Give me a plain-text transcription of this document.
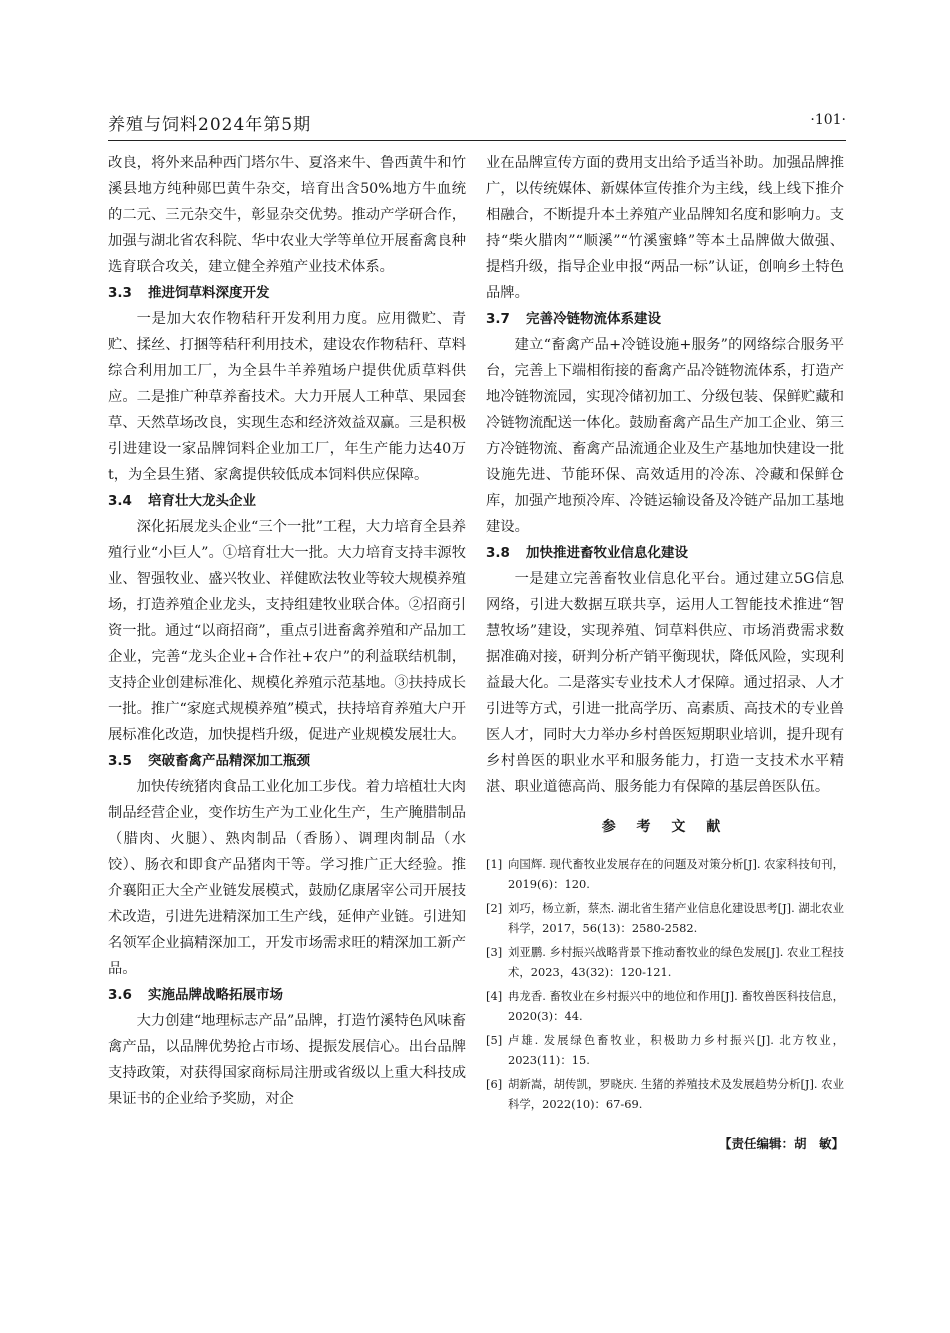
养殖与饲料2024年第5期	·101·

改良，将外来品种西门塔尔牛、夏洛来牛、鲁西黄牛和竹溪县地方纯种郧巴黄牛杂交，培育出含50%地方牛血统的二元、三元杂交牛，彰显杂交优势。推动产学研合作，加强与湖北省农科院、华中农业大学等单位开展畜禽良种选育联合攻关，建立健全养殖产业技术体系。

3.3 推进饲草料深度开发

一是加大农作物秸秆开发利用力度。应用微贮、青贮、揉丝、打捆等秸秆利用技术，建设农作物秸秆、草料综合利用加工厂，为全县牛羊养殖场户提供优质草料供应。二是推广种草养畜技术。大力开展人工种草、果园套草、天然草场改良，实现生态和经济效益双赢。三是积极引进建设一家品牌饲料企业加工厂，年生产能力达40万t，为全县生猪、家禽提供较低成本饲料供应保障。

3.4 培育壮大龙头企业

深化拓展龙头企业“三个一批”工程，大力培育全县养殖行业“小巨人”。①培育壮大一批。大力培育支持丰源牧业、智强牧业、盛兴牧业、祥健欧法牧业等较大规模养殖场，打造养殖企业龙头，支持组建牧业联合体。②招商引资一批。通过“以商招商”，重点引进畜禽养殖和产品加工企业，完善“龙头企业+合作社+农户”的利益联结机制，支持企业创建标准化、规模化养殖示范基地。③扶持成长一批。推广“家庭式规模养殖”模式，扶持培育养殖大户开展标准化改造，加快提档升级，促进产业规模发展壮大。

3.5 突破畜禽产品精深加工瓶颈

加快传统猪肉食品工业化加工步伐。着力培植壮大肉制品经营企业，变作坊生产为工业化生产，生产腌腊制品（腊肉、火腿）、熟肉制品（香肠）、调理肉制品（水饺）、肠衣和即食产品猪肉干等。学习推广正大经验。推介襄阳正大全产业链发展模式，鼓励亿康屠宰公司开展技术改造，引进先进精深加工生产线，延伸产业链。引进知名领军企业搞精深加工，开发市场需求旺的精深加工新产品。

3.6 实施品牌战略拓展市场

大力创建“地理标志产品”品牌，打造竹溪特色风味畜禽产品，以品牌优势抢占市场、提振发展信心。出台品牌支持政策，对获得国家商标局注册或省级以上重大科技成果证书的企业给予奖励，对企

业在品牌宣传方面的费用支出给予适当补助。加强品牌推广，以传统媒体、新媒体宣传推介为主线，线上线下推介相融合，不断提升本土养殖产业品牌知名度和影响力。支持“柴火腊肉”“顺溪”“竹溪蜜蜂”等本土品牌做大做强、提档升级，指导企业申报“两品一标”认证，创响乡土特色品牌。

3.7 完善冷链物流体系建设

建立“畜禽产品+冷链设施+服务”的网络综合服务平台，完善上下端相衔接的畜禽产品冷链物流体系，打造产地冷链物流园，实现冷储初加工、分级包装、保鲜贮藏和冷链物流配送一体化。鼓励畜禽产品生产加工企业、第三方冷链物流、畜禽产品流通企业及生产基地加快建设一批设施先进、节能环保、高效适用的冷冻、冷藏和保鲜仓库，加强产地预冷库、冷链运输设备及冷链产品加工基地建设。

3.8 加快推进畜牧业信息化建设

一是建立完善畜牧业信息化平台。通过建立5G信息网络，引进大数据互联共享，运用人工智能技术推进“智慧牧场”建设，实现养殖、饲草料供应、市场消费需求数据准确对接，研判分析产销平衡现状，降低风险，实现利益最大化。二是落实专业技术人才保障。通过招录、人才引进等方式，引进一批高学历、高素质、高技术的专业兽医人才，同时大力举办乡村兽医短期职业培训，提升现有乡村兽医的职业水平和服务能力，打造一支技术水平精湛、职业道德高尚、服务能力有保障的基层兽医队伍。

参 考 文 献
[1] 向国辉. 现代畜牧业发展存在的问题及对策分析[J]. 农家科技旬刊，2019(6)：120.
[2] 刘巧，杨立新，蔡杰. 湖北省生猪产业信息化建设思考[J]. 湖北农业科学，2017，56(13)：2580-2582.
[3] 刘亚鹏. 乡村振兴战略背景下推动畜牧业的绿色发展[J]. 农业工程技术，2023，43(32)：120-121.
[4] 冉龙香. 畜牧业在乡村振兴中的地位和作用[J]. 畜牧兽医科技信息，2020(3)：44.
[5] 卢雄. 发展绿色畜牧业，积极助力乡村振兴[J]. 北方牧业，2023(11)：15.
[6] 胡新嵩，胡传凯，罗晓庆. 生猪的养殖技术及发展趋势分析[J]. 农业科学，2022(10)：67-69.
【责任编辑：胡　敏】
